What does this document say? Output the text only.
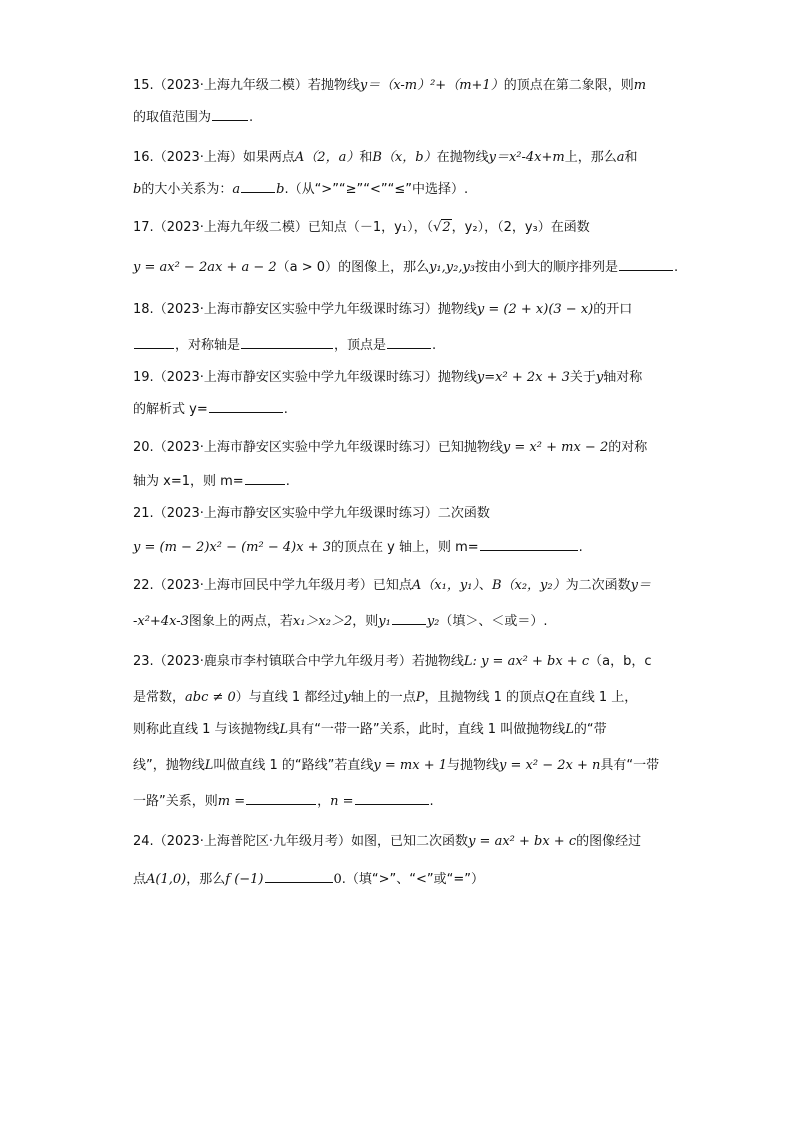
15.（2023·上海九年级二模）若抛物线y＝（x-m）²+（m+1）的顶点在第二象限，则m
的取值范围为	.
16.（2023·上海）如果两点A（2，a）和B（x，b）在抛物线y＝x²-4x+m上，那么a和
b的大小关系为：a	b.（从“>”“≥”“<”“≤”中选择）.
17.（2023·上海九年级二模）已知点（－1，y₁），（√2，y₂），（2，y₃）在函数
y = ax² − 2ax + a − 2（a > 0）的图像上，那么y₁,y₂,y₃按由小到大的顺序排列是	.
18.（2023·上海市静安区实验中学九年级课时练习）抛物线y = (2 + x)(3 − x)的开口
，对称轴是	，顶点是	.
19.（2023·上海市静安区实验中学九年级课时练习）抛物线y=x² + 2x + 3关于y轴对称
的解析式 y=	.
20.（2023·上海市静安区实验中学九年级课时练习）已知抛物线y = x² + mx − 2的对称
轴为 x=1，则 m=	.
21.（2023·上海市静安区实验中学九年级课时练习）二次函数
y = (m − 2)x² − (m² − 4)x + 3的顶点在 y 轴上，则 m=	.
22.（2023·上海市回民中学九年级月考）已知点A（x₁，y₁）、B（x₂，y₂）为二次函数y＝
-x²+4x-3图象上的两点，若x₁＞x₂＞2，则y₁	y₂（填＞、＜或＝）.
23.（2023·鹿泉市李村镇联合中学九年级月考）若抛物线L: y = ax² + bx + c（a，b，c
是常数，abc ≠ 0）与直线 1 都经过y轴上的一点P，且抛物线 1 的顶点Q在直线 1 上，
则称此直线 1 与该抛物线L具有“一带一路”关系，此时，直线 1 叫做抛物线L的“带
线”，抛物线L叫做直线 1 的“路线”若直线y = mx + 1与抛物线y = x² − 2x + n具有“一带
一路”关系，则m =	，n =	.
24.（2023·上海普陀区·九年级月考）如图，已知二次函数y = ax² + bx + c的图像经过
点A(1,0)，那么f (−1)	0.（填“>”、“<”或“=”）
